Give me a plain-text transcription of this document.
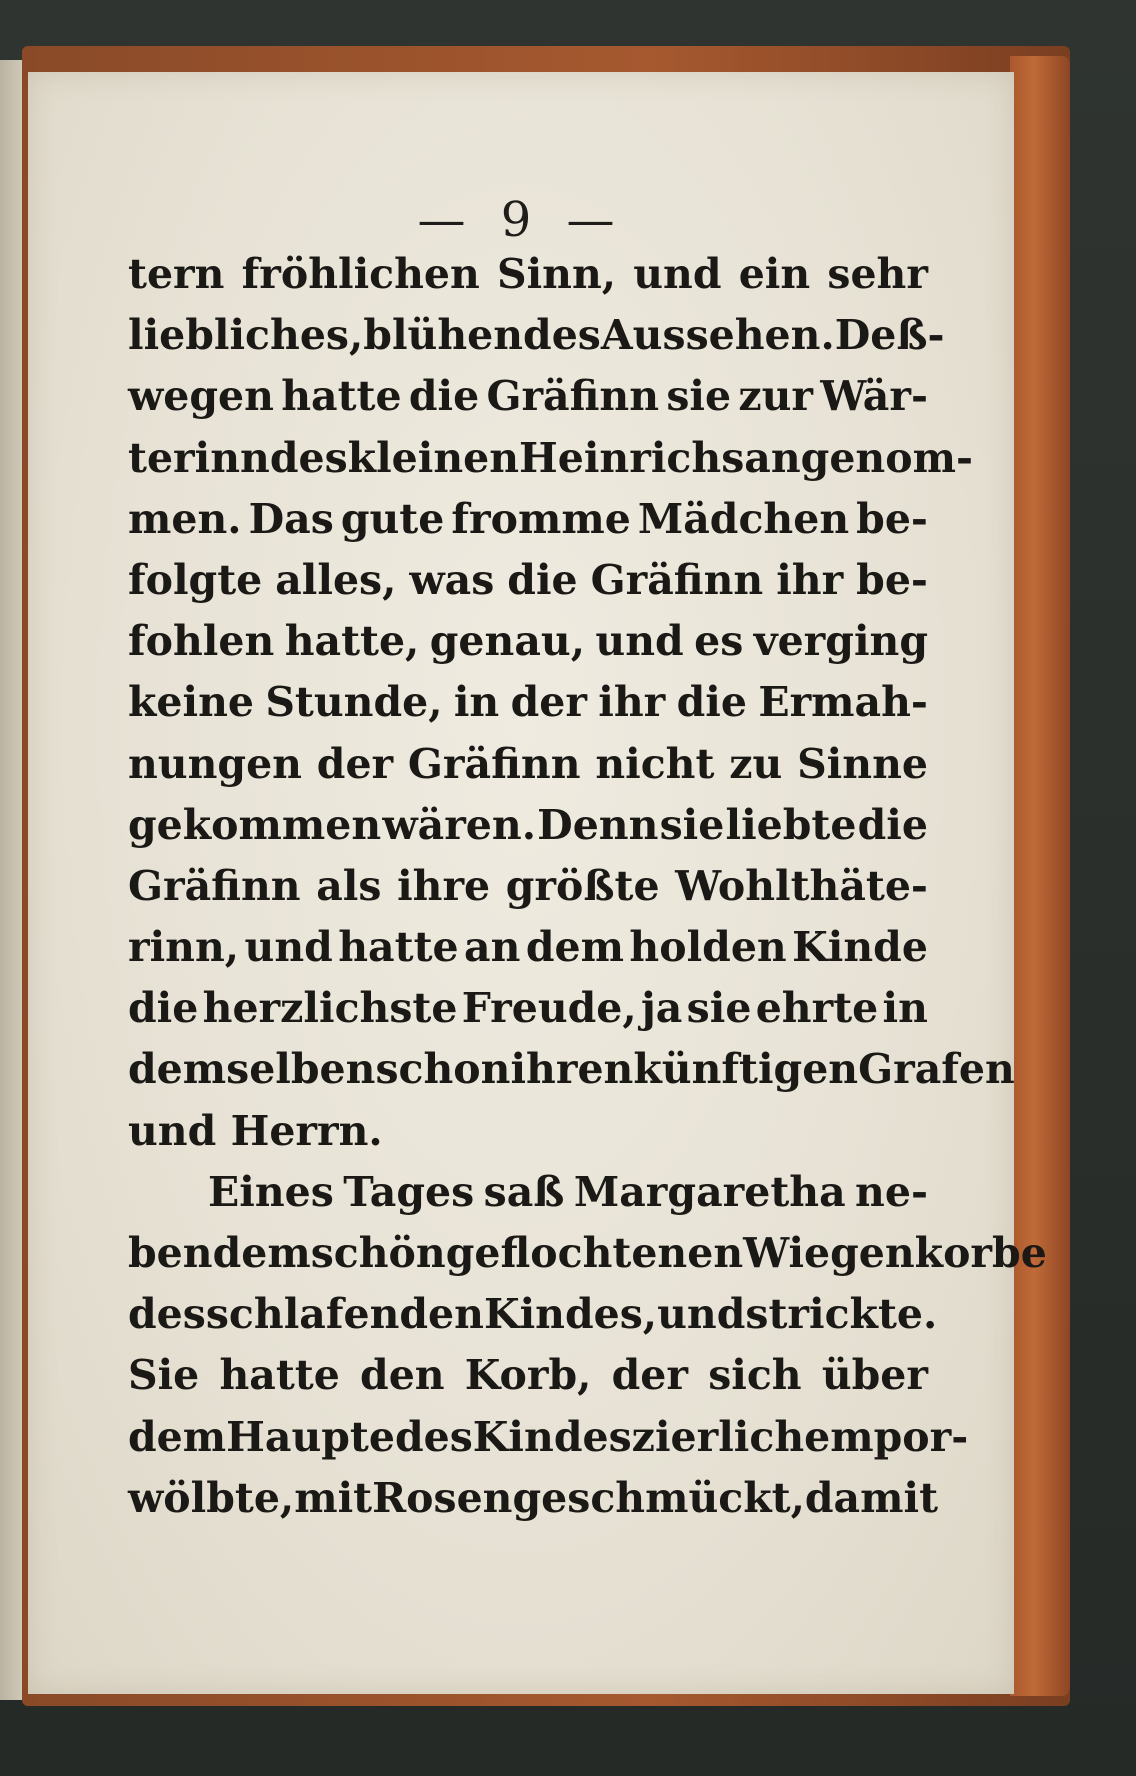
— 9 —
tern fröhlichen Sinn, und ein sehr
liebliches, blühendes Aussehen. Deß-
wegen hatte die Gräfinn sie zur Wär-
terinn des kleinen Heinrichs angenom-
men. Das gute fromme Mädchen be-
folgte alles, was die Gräfinn ihr be-
fohlen hatte, genau, und es verging
keine Stunde, in der ihr die Ermah-
nungen der Gräfinn nicht zu Sinne
gekommen wären. Denn sie liebte die
Gräfinn als ihre größte Wohlthäte-
rinn, und hatte an dem holden Kinde
die herzlichste Freude, ja sie ehrte in
demselben schon ihren künftigen Grafen
und
Herrn.

Eines Tages saß Margaretha ne-
ben dem schöngeflochtenen Wiegenkorbe
des schlafenden Kindes, und strickte.
Sie hatte den Korb, der sich über
dem Haupte des Kindes zierlich empor-
wölbte, mit Rosen geschmückt, damit
